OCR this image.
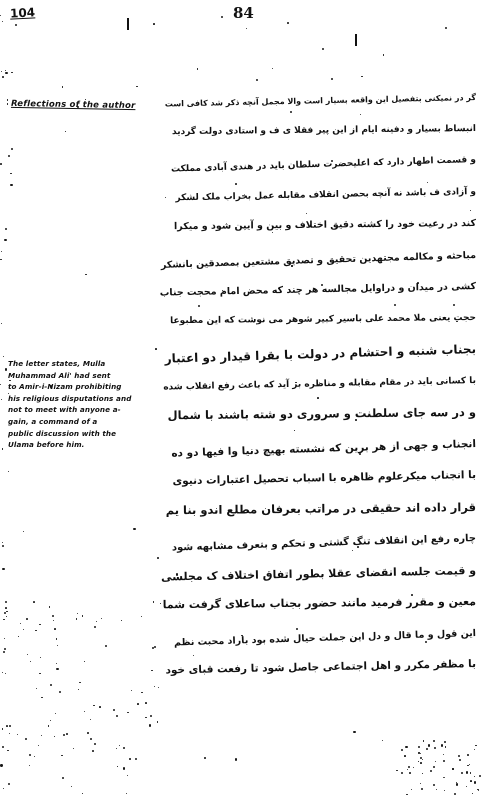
104	84
Reflections of the author
The letter states, Mulla
Muhammad Ali' had sent
to Amir-i-Nizam prohibiting
his religious disputations and
not to meet with anyone a-
gain, a command of a
public discussion with the
Ulama before him.
گر در نمیکنی بتفصیل این واقعه بسیار است والا مجمل آنچه ذکر شد کافی است
انبساط بسیار و دفینه ایام از این پیر فقلا ی ف و استادی دولت گردید
و قسمت اطهار دارد که اعلیحضرت سلطان باید در هندی آبادی مملکت
و آزادی ف باشد نه آنچه بحصن انقلاف مقابله عمل بخراب ملک لشکر
کند در رعیت خود را کشته دقیق اختلاف و بین و آیین شود و میکرا
مباحثه و مکالمه مجتهدین تحقیق و تصدیق مشتعین بمصدقین بانشکر
کشی در میدان و دراوایل مجالسه هر چند که محض امام محجت جناب
حجت یعنی ملا محمد علی باسیر کبیر شوهر می نوشت که این مطبوعا
بجناب شنبه و احتشام در دولت با بقرا قیدار دو اعتبار
با کسانی باید در مقام مقابله و مناظره بر آید که باعث رفع انقلاب شده
و در سه جای سلطنت و سروری دو شته باشند با شمال
انجناب و جهی از هر برین که نشسته بهیچ دنیا وا فیها دو ده
با انجناب میکرعلوم ظاهره با اسباب تحصیل اعتبارات دنیوی
قرار داده اند حقیقی در مراتب بعرفان مطلع اندو بنا یم
چاره رفع این انقلاف تنگ گشتی و تحکم و بتعرف مشابهه شود
و قیمت جلسه انقضای عقلا بطور اتفاق اختلاف ک مجلسی
معین و مقرر فرمید مانند حضور بجناب ساعلای گرفت شما
این قول و ما قال و دل این جملت حیال شده بود باراد محبت نظم
با مظفر مکرر و اهل اجتماعی جاصل شود تا رفعت قبای خود
